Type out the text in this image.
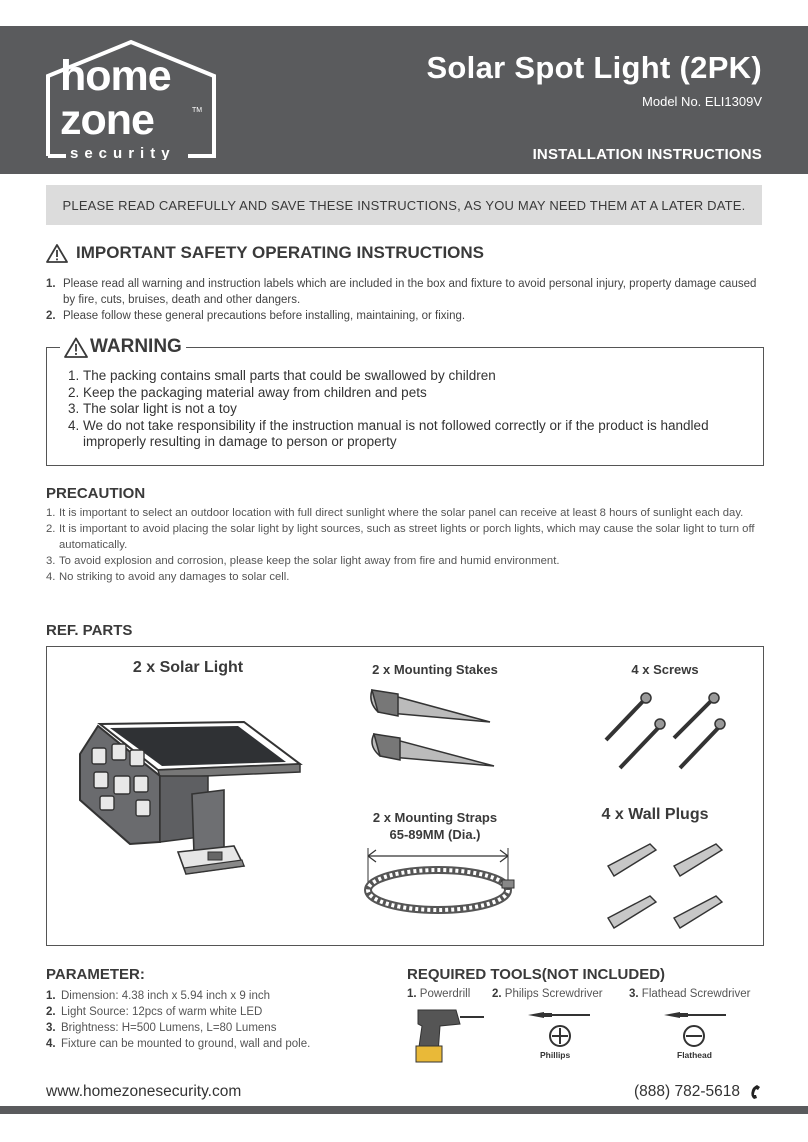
home
zone	TM
security
Solar Spot Light (2PK)
Model No. ELI1309V
INSTALLATION INSTRUCTIONS
PLEASE READ CAREFULLY AND SAVE THESE INSTRUCTIONS, AS YOU MAY NEED THEM AT A LATER DATE.
IMPORTANT SAFETY OPERATING INSTRUCTIONS
1. Please read all warning and instruction labels which are included in the box and fixture to avoid personal injury, property damage caused by fire, cuts, bruises, death and other dangers.
2. Please follow these general precautions before installing, maintaining, or fixing.
WARNING
1. The packing contains small parts that could be swallowed by children
2. Keep the packaging material away from children and pets
3. The solar light is not a toy
4. We do not take responsibility if the instruction manual is not followed correctly or if the product is handled improperly resulting in damage to person or property
PRECAUTION
1. It is important to select an outdoor location with full direct sunlight where the solar panel can receive at least 8 hours of sunlight each day.
2. It is important to avoid placing the solar light by light sources, such as street lights or porch lights, which may cause the solar light to turn off automatically.
3. To avoid explosion and corrosion, please keep the solar light away from fire and humid environment.
4. No striking to avoid any damages to solar cell.
REF. PARTS
2 x Solar Light	2 x Mounting Stakes	4 x Screws
2 x Mounting Straps
65-89MM (Dia.)
4 x Wall Plugs
PARAMETER:
1. Dimension: 4.38 inch x 5.94 inch x 9 inch
2. Light Source: 12pcs of warm white LED
3. Brightness: H=500 Lumens, L=80 Lumens
4. Fixture can be mounted to ground, wall and pole.
REQUIRED TOOLS(NOT INCLUDED)
1. Powerdrill 2. Philips Screwdriver 3. Flathead Screwdriver
Phillips	Flathead
www.homezonesecurity.com	(888) 782-5618
